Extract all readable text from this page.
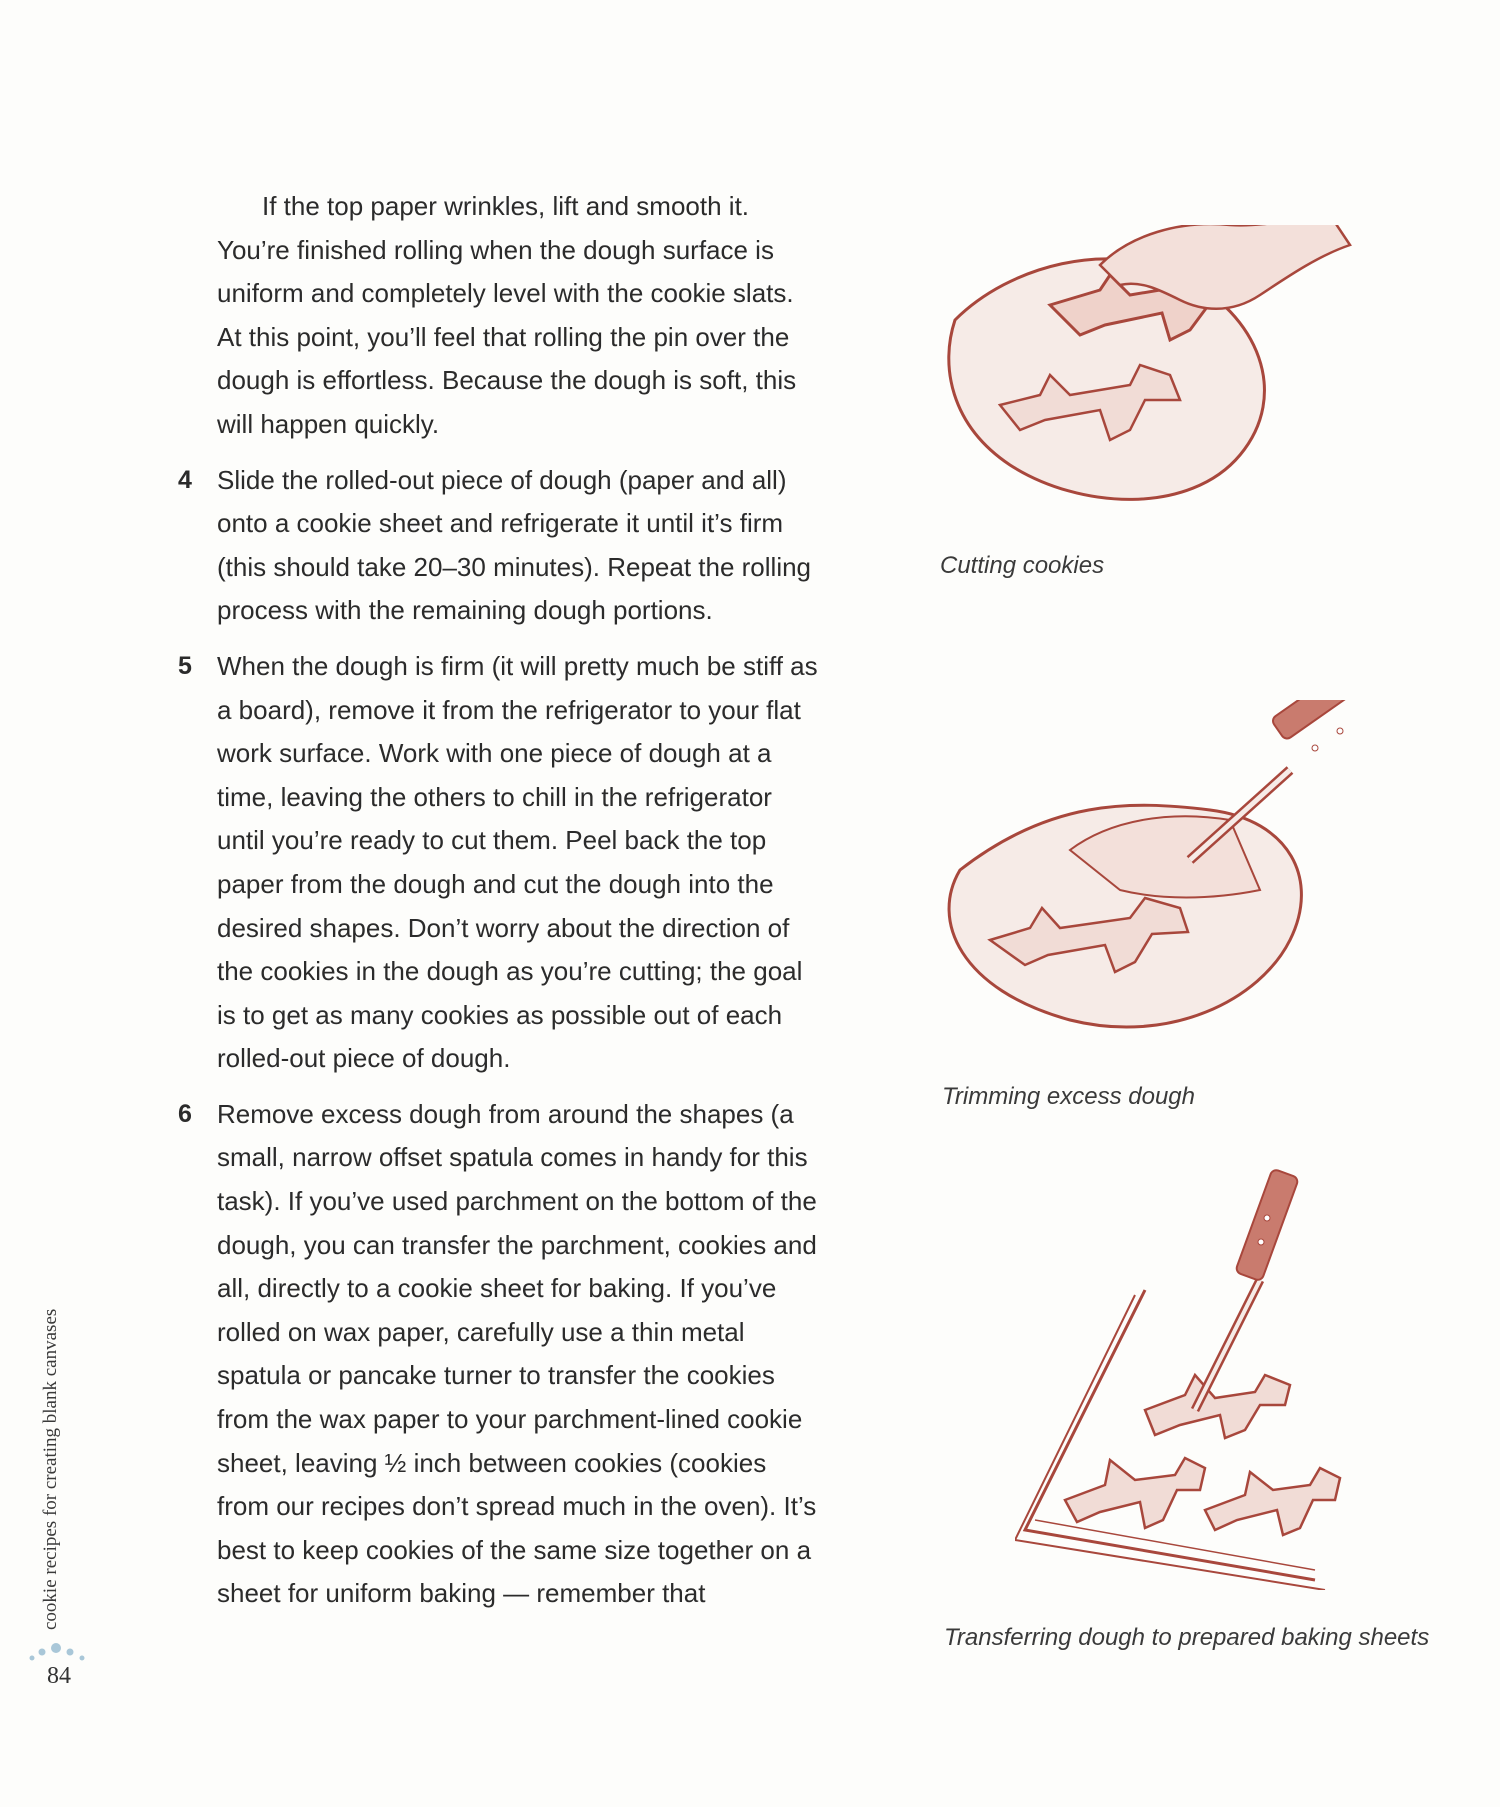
If the top paper wrinkles, lift and smooth it. You’re finished rolling when the dough surface is uniform and completely level with the cookie slats. At this point, you’ll feel that rolling the pin over the dough is effortless. Because the dough is soft, this will happen quickly.

4 Slide the rolled-out piece of dough (paper and all) onto a cookie sheet and refrigerate it until it’s firm (this should take 20–30 minutes). Repeat the rolling process with the remaining dough portions.
5 When the dough is firm (it will pretty much be stiff as a board), remove it from the refrigerator to your flat work surface. Work with one piece of dough at a time, leaving the others to chill in the refrigerator until you’re ready to cut them. Peel back the top paper from the dough and cut the dough into the desired shapes. Don’t worry about the direction of the cookies in the dough as you’re cutting; the goal is to get as many cookies as possible out of each rolled-out piece of dough.
6 Remove excess dough from around the shapes (a small, narrow offset spatula comes in handy for this task). If you’ve used parchment on the bottom of the dough, you can transfer the parchment, cookies and all, directly to a cookie sheet for baking. If you’ve rolled on wax paper, carefully use a thin metal spatula or pancake turner to transfer the cookies from the wax paper to your parchment-lined cookie sheet, leaving ½ inch between cookies (cookies from our recipes don’t spread much in the oven). It’s best to keep cookies of the same size together on a sheet for uniform baking — remember that
Cutting cookies
Trimming excess dough
Transferring dough to prepared baking sheets
cookie recipes for creating blank canvases
84
